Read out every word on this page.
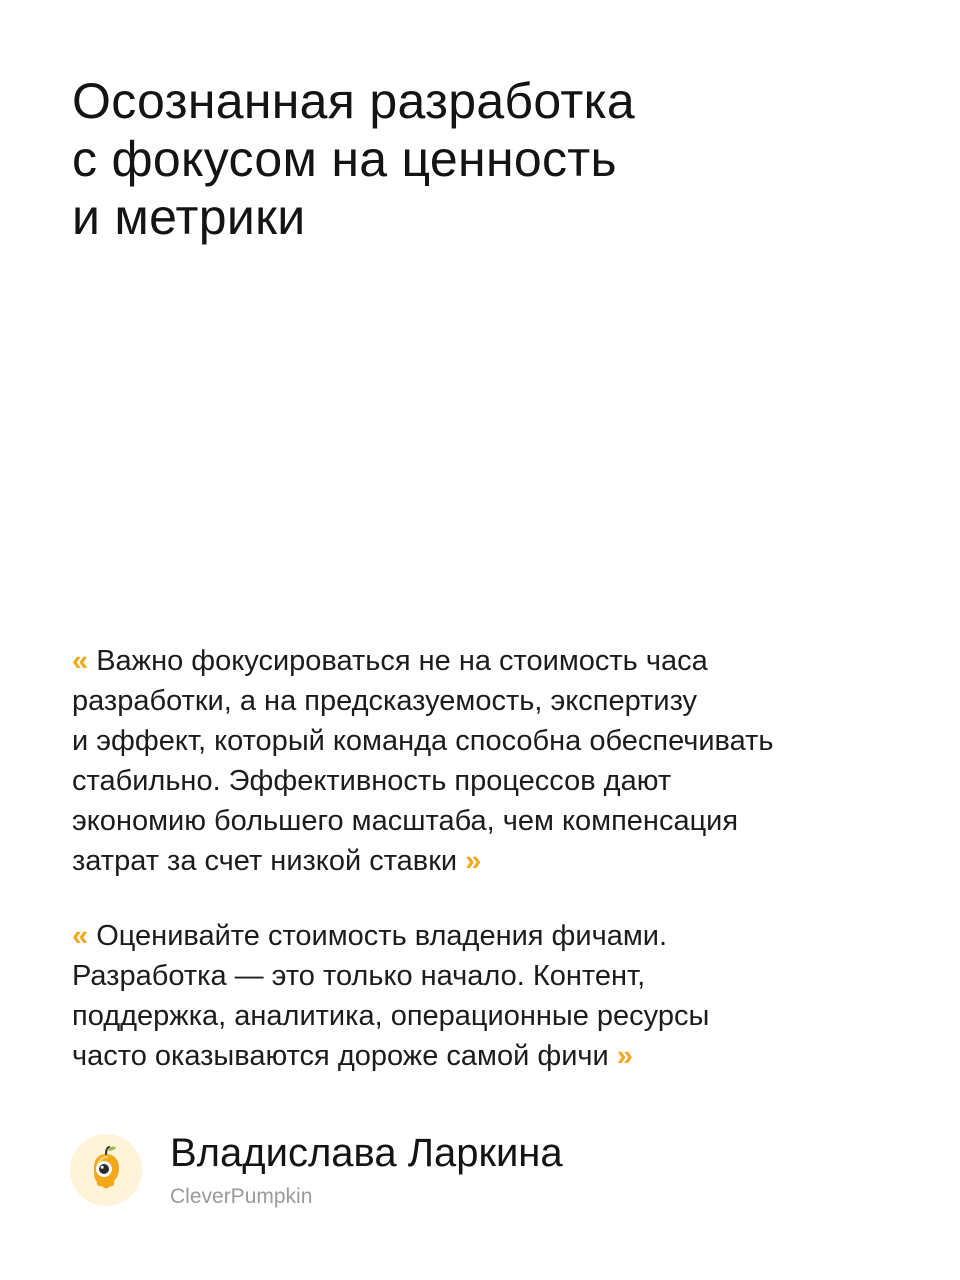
Осознанная разработка
с фокусом на ценность
и метрики

« Важно фокусироваться не на стоимость часа
разработки, а на предсказуемость, экспертизу
и эффект, который команда способна обеспечивать
стабильно. Эффективность процессов дают
экономию большего масштаба, чем компенсация
затрат за счет низкой ставки »

« Оценивайте стоимость владения фичами.
Разработка — это только начало. Контент,
поддержка, аналитика, операционные ресурсы
часто оказываются дороже самой фичи »

Владислава Ларкина
CleverPumpkin
